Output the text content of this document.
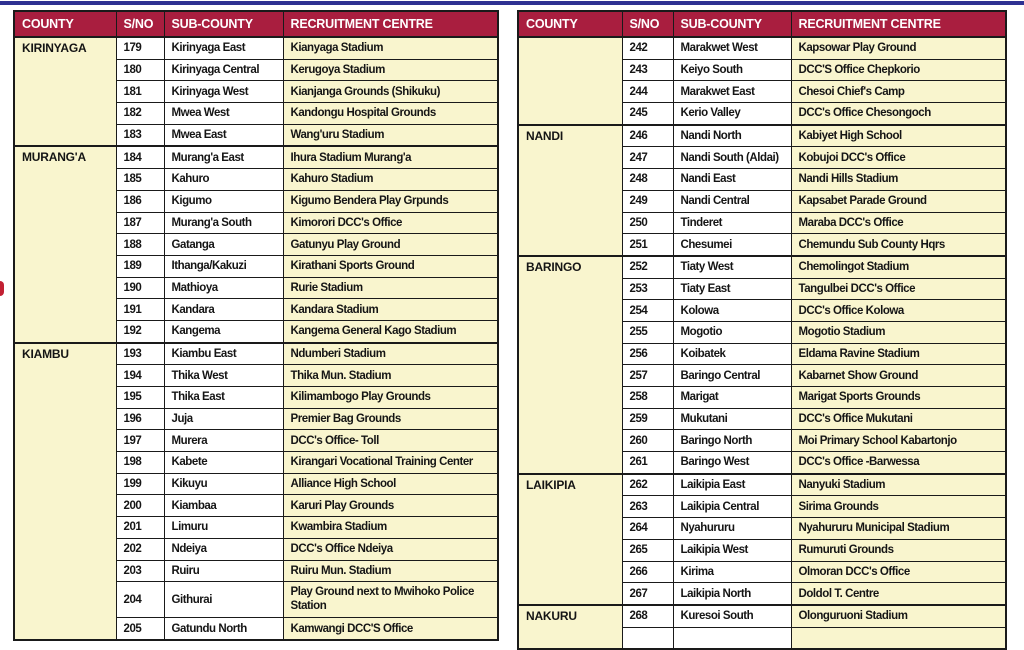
COUNTY	S/NO	SUB-COUNTY	RECRUITMENT CENTRE
KIRINYAGA	179	Kirinyaga East	Kianyaga Stadium
	180	Kirinyaga Central	Kerugoya Stadium
	181	Kirinyaga West	Kianjanga Grounds (Shikuku)
	182	Mwea West	Kandongu Hospital Grounds
	183	Mwea East	Wang'uru Stadium
MURANG'A	184	Murang'a East	Ihura Stadium Murang'a
	185	Kahuro	Kahuro Stadium
	186	Kigumo	Kigumo Bendera Play Grpunds
	187	Murang'a South	Kimorori DCC's Office
	188	Gatanga	Gatunyu Play Ground
	189	Ithanga/Kakuzi	Kirathani Sports Ground
	190	Mathioya	Rurie Stadium
	191	Kandara	Kandara Stadium
	192	Kangema	Kangema General Kago Stadium
KIAMBU	193	Kiambu East	Ndumberi Stadium
	194	Thika West	Thika Mun. Stadium
	195	Thika East	Kilimambogo Play Grounds
	196	Juja	Premier Bag Grounds
	197	Murera	DCC's Office- Toll
	198	Kabete	Kirangari Vocational Training Center
	199	Kikuyu	Alliance High School
	200	Kiambaa	Karuri Play Grounds
	201	Limuru	Kwambira Stadium
	202	Ndeiya	DCC's Office Ndeiya
	203	Ruiru	Ruiru Mun. Stadium
	204	Githurai	Play Ground next to Mwihoko Police Station
	205	Gatundu North	Kamwangi DCC'S Office
COUNTY	S/NO	SUB-COUNTY	RECRUITMENT CENTRE
	242	Marakwet West	Kapsowar Play Ground
	243	Keiyo South	DCC'S Office Chepkorio
	244	Marakwet East	Chesoi Chief's Camp
	245	Kerio Valley	DCC's Office Chesongoch
NANDI	246	Nandi North	Kabiyet High School
	247	Nandi South (Aldai)	Kobujoi DCC's Office
	248	Nandi East	Nandi Hills Stadium
	249	Nandi Central	Kapsabet Parade Ground
	250	Tinderet	Maraba DCC's Office
	251	Chesumei	Chemundu Sub County Hqrs
BARINGO	252	Tiaty West	Chemolingot Stadium
	253	Tiaty East	Tangulbei DCC's Office
	254	Kolowa	DCC's Office Kolowa
	255	Mogotio	Mogotio Stadium
	256	Koibatek	Eldama Ravine Stadium
	257	Baringo Central	Kabarnet Show Ground
	258	Marigat	Marigat Sports Grounds
	259	Mukutani	DCC's Office Mukutani
	260	Baringo North	Moi Primary School Kabartonjo
	261	Baringo West	DCC's Office -Barwessa
LAIKIPIA	262	Laikipia East	Nanyuki Stadium
	263	Laikipia Central	Sirima Grounds
	264	Nyahururu	Nyahururu Municipal Stadium
	265	Laikipia West	Rumuruti Grounds
	266	Kirima	Olmoran DCC's Office
	267	Laikipia North	Doldol T. Centre
NAKURU	268	Kuresoi South	Olonguruoni Stadium
